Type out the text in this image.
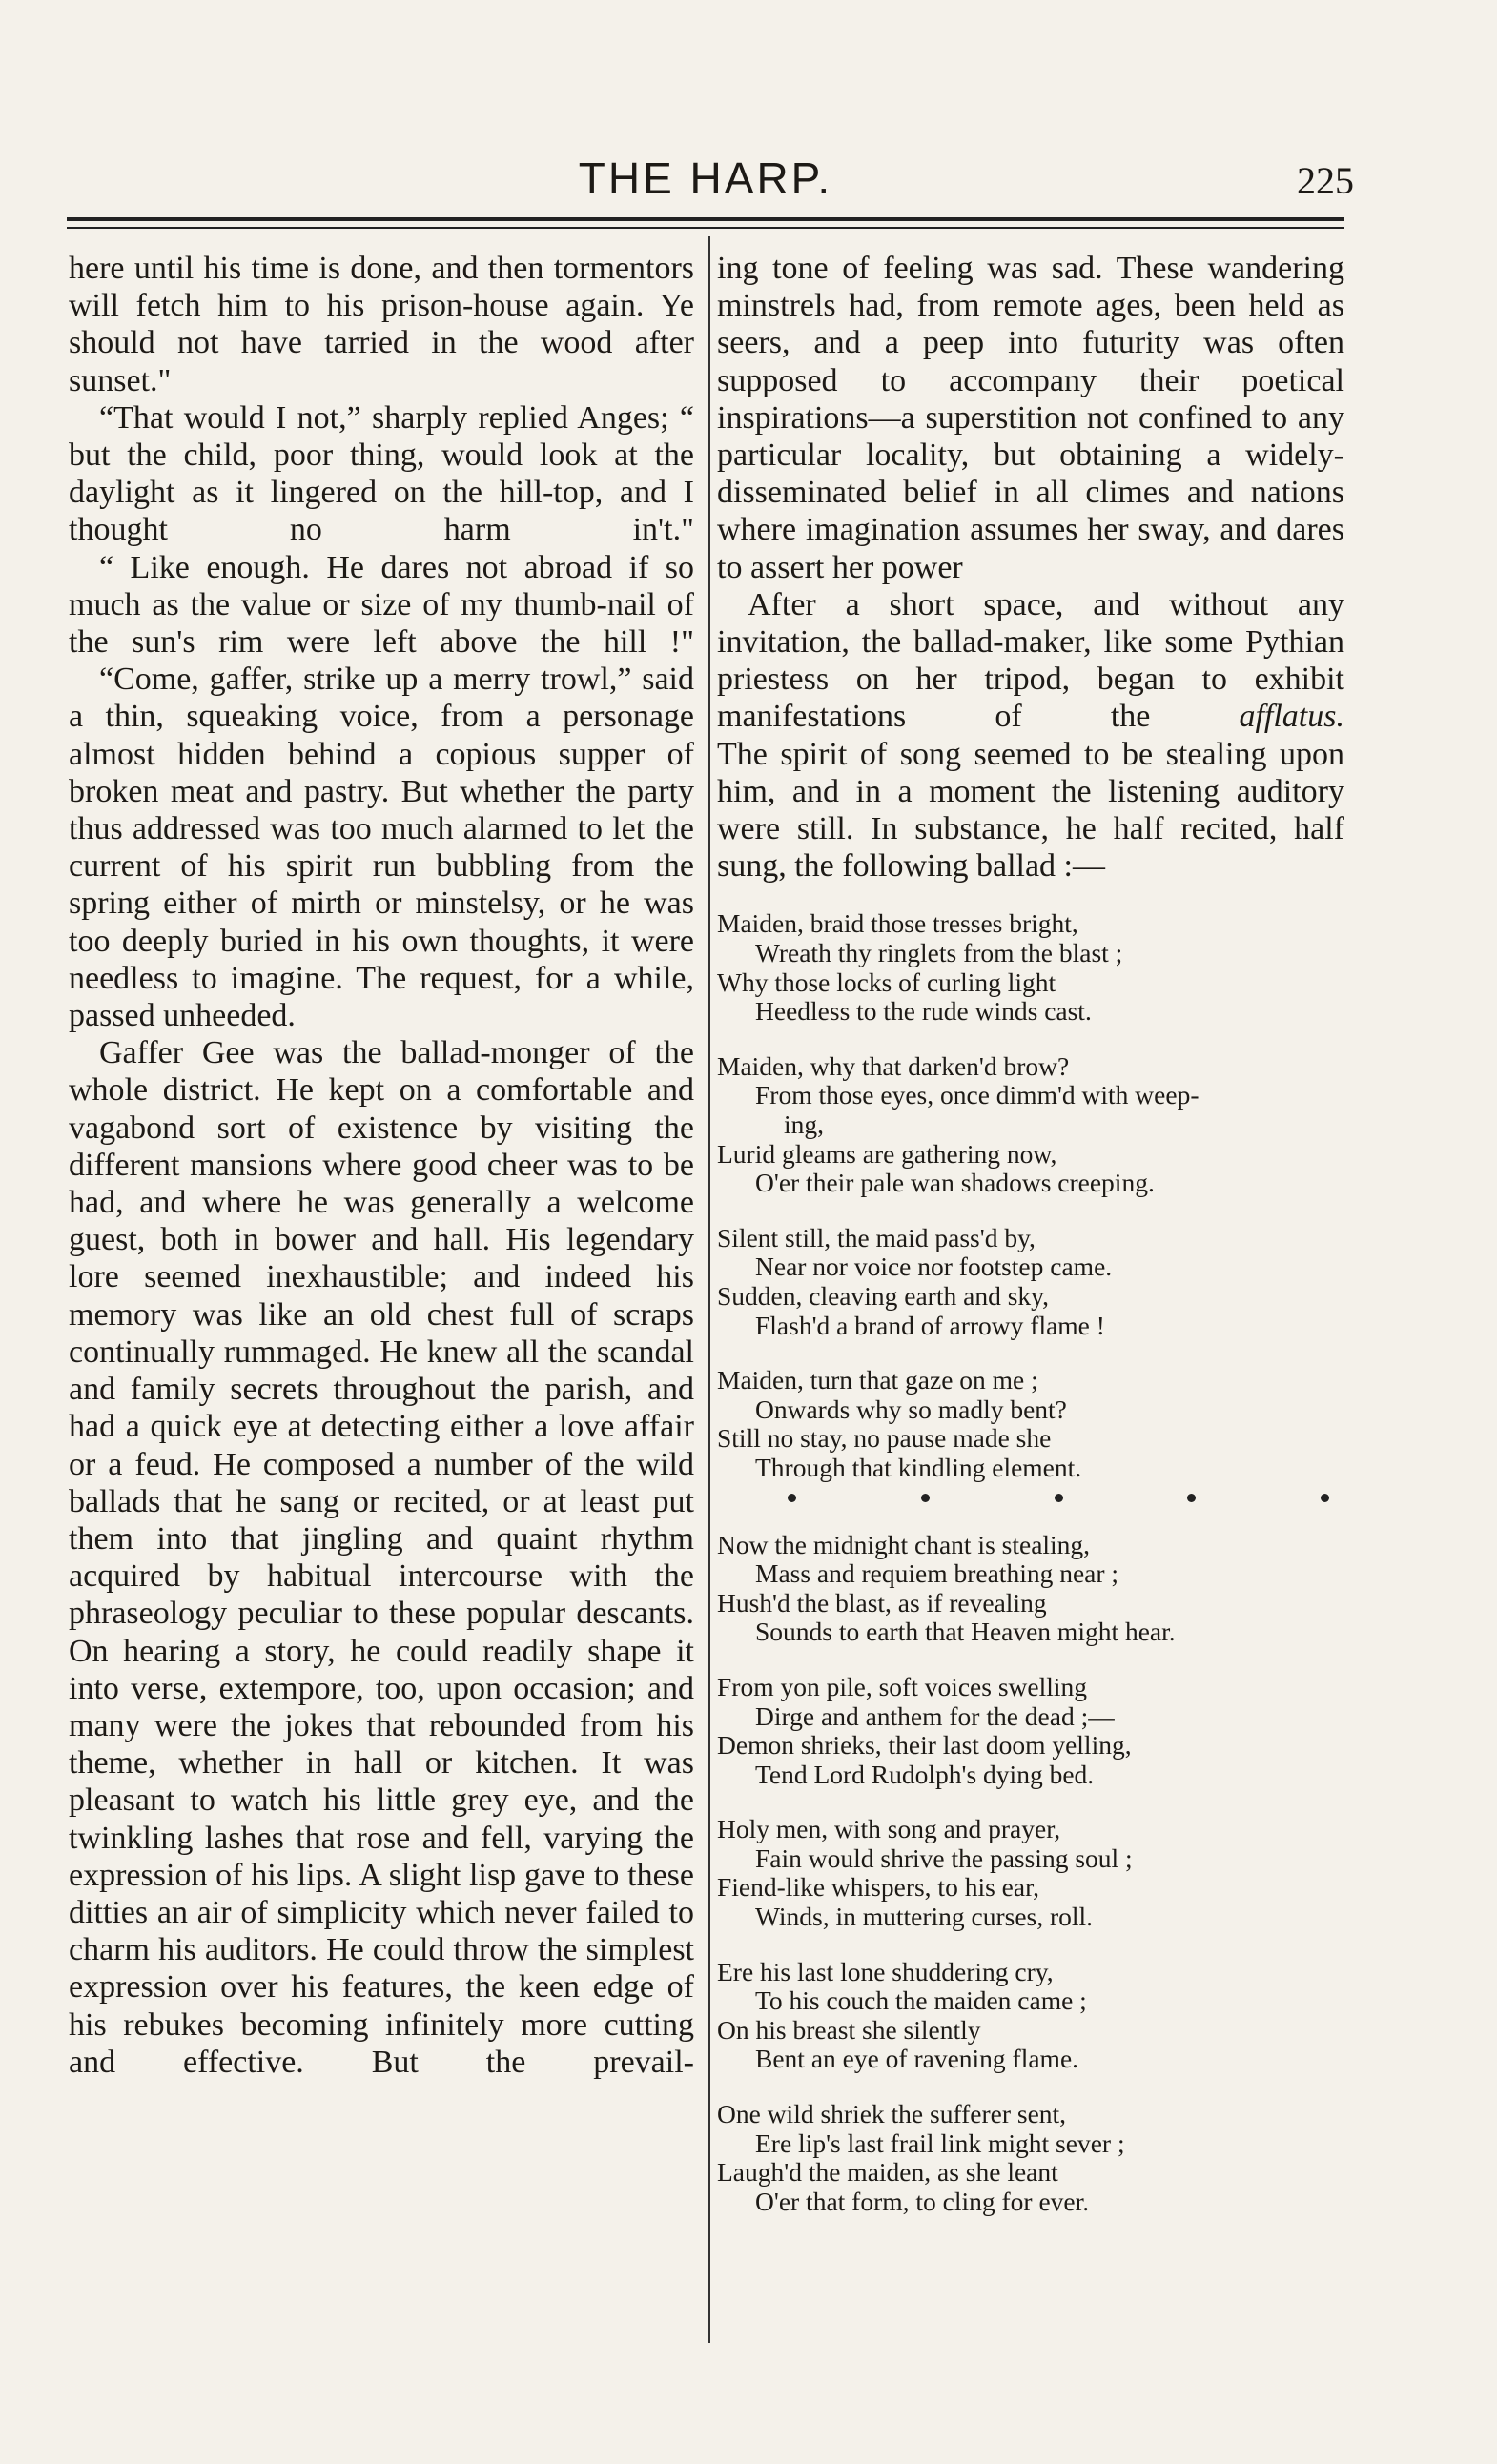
THE HARP.	225

here until his time is done, and then tormentors will fetch him to his prison-house again. Ye should not have tarried in the wood after sunset."

“That would I not,” sharply replied Anges; “ but the child, poor thing, would look at the daylight as it lingered on the hill-top, and I thought no harm in't."

“ Like enough. He dares not abroad if so much as the value or size of my thumb-nail of the sun's rim were left above the hill !"

“Come, gaffer, strike up a merry trowl,” said a thin, squeaking voice, from a personage almost hidden behind a copious supper of broken meat and pastry. But whether the party thus addressed was too much alarmed to let the current of his spirit run bubbling from the spring either of mirth or minstelsy, or he was too deeply buried in his own thoughts, it were needless to imagine. The request, for a while, passed unheeded.

Gaffer Gee was the ballad-monger of the whole district. He kept on a comfortable and vagabond sort of existence by visiting the different mansions where good cheer was to be had, and where he was generally a welcome guest, both in bower and hall. His legendary lore seemed inexhaustible; and indeed his memory was like an old chest full of scraps continually rummaged. He knew all the scandal and family secrets throughout the parish, and had a quick eye at detecting either a love affair or a feud. He composed a number of the wild ballads that he sang or recited, or at least put them into that jingling and quaint rhythm acquired by habitual intercourse with the phraseology peculiar to these popular descants. On hearing a story, he could readily shape it into verse, extempore, too, upon occasion; and many were the jokes that rebounded from his theme, whether in hall or kitchen. It was pleasant to watch his little grey eye, and the twinkling lashes that rose and fell, varying the expression of his lips. A slight lisp gave to these ditties an air of simplicity which never failed to charm his auditors. He could throw the simplest expression over his features, the keen edge of his rebukes becoming infinitely more cutting and effective. But the prevail-

ing tone of feeling was sad. These wandering minstrels had, from remote ages, been held as seers, and a peep into futurity was often supposed to accompany their poetical inspirations—a superstition not confined to any particular locality, but obtaining a widely-disseminated belief in all climes and nations where imagination assumes her sway, and dares to assert her power

After a short space, and without any invitation, the ballad-maker, like some Pythian priestess on her tripod, began to exhibit manifestations of the	afflatus.

The spirit of song seemed to be stealing upon him, and in a moment the listening auditory were still. In substance, he half recited, half sung, the following ballad :—

Maiden, braid those tresses bright,
Wreath thy ringlets from the blast ;
Why those locks of curling light
Heedless to the rude winds cast.
Maiden, why that darken'd brow?
From those eyes, once dimm'd with weep-
ing,
Lurid gleams are gathering now,
O'er their pale wan shadows creeping.
Silent still, the maid pass'd by,
Near nor voice nor footstep came.
Sudden, cleaving earth and sky,
Flash'd a brand of arrowy flame !
Maiden, turn that gaze on me ;
Onwards why so madly bent?
Still no stay, no pause made she
Through that kindling element.
Now the midnight chant is stealing,
Mass and requiem breathing near ;
Hush'd the blast, as if revealing
Sounds to earth that Heaven might hear.
From yon pile, soft voices swelling
Dirge and anthem for the dead ;—
Demon shrieks, their last doom yelling,
Tend Lord Rudolph's dying bed.
Holy men, with song and prayer,
Fain would shrive the passing soul ;
Fiend-like whispers, to his ear,
Winds, in muttering curses, roll.
Ere his last lone shuddering cry,
To his couch the maiden came ;
On his breast she silently
Bent an eye of ravening flame.
One wild shriek the sufferer sent,
Ere lip's last frail link might sever ;
Laugh'd the maiden, as she leant
O'er that form, to cling for ever.
